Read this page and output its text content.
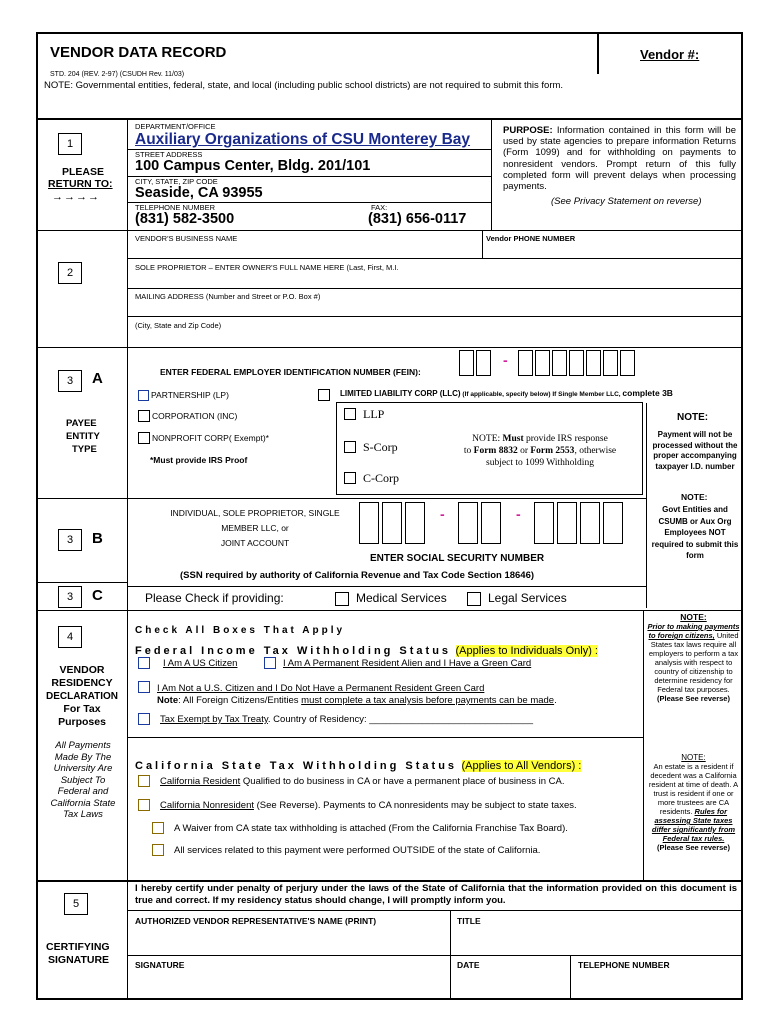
VENDOR DATA RECORD	Vendor #:
STD. 204 (REV. 2-97) (CSUDH Rev. 11/03)
NOTE: Governmental entities, federal, state, and local (including public school districts) are not required to submit this form.
1
PLEASE
RETURN TO:
→→→→
DEPARTMENT/OFFICE
Auxiliary Organizations of CSU Monterey Bay
STREET ADDRESS
100 Campus Center, Bldg. 201/101
CITY, STATE, ZIP CODE
Seaside, CA 93955
TELEPHONE NUMBER
(831) 582-3500
FAX:
(831) 656-0117
PURPOSE: Information contained in this form will be used by state agencies to prepare information Returns (Form 1099) and for withholding on payments to nonresident vendors. Prompt return of this fully completed form will prevent delays when processing payments.
(See Privacy Statement on reverse)
VENDOR'S BUSINESS NAME	Vendor PHONE NUMBER
2	SOLE PROPRIETOR – ENTER OWNER'S FULL NAME HERE (Last, First, M.I.
MAILING ADDRESS (Number and Street or P.O. Box #)
(City, State and Zip Code)
3	A
PAYEE
ENTITY
TYPE
ENTER FEDERAL EMPLOYER IDENTIFICATION NUMBER (FEIN):
-
PARTNERSHIP (LP)	LIMITED LIABILITY CORP (LLC) (If applicable, specify below) If Single Member LLC, complete 3B
CORPORATION (INC)
NONPROFIT CORP( Exempt)*
*Must provide IRS Proof
LLP
S-Corp
C-Corp
NOTE: Must provide IRS response
to Form 8832 or Form 2553, otherwise
subject to 1099 Withholding
NOTE:
Payment will not be processed without the proper accompanying taxpayer I.D. number
NOTE:
Govt Entities and CSUMB or Aux Org Employees NOT required to submit this form
3	B
INDIVIDUAL, SOLE PROPRIETOR, SINGLE
MEMBER LLC, or
JOINT ACCOUNT
-	-
ENTER SOCIAL SECURITY NUMBER
(SSN required by authority of California Revenue and Tax Code Section 18646)
3	C	Please Check if providing:	Medical Services	Legal Services
4
VENDOR
RESIDENCY
DECLARATION
For Tax
Purposes
All Payments Made By The University Are Subject To Federal and California State Tax Laws
Check All Boxes That Apply
Federal Income Tax Withholding Status (Applies to Individuals Only) :
I Am A US Citizen	I Am A Permanent Resident Alien and I Have a Green Card
I Am Not a U.S. Citizen and I Do Not Have a Permanent Resident Green Card
Note: All Foreign Citizens/Entities must complete a tax analysis before payments can be made.
Tax Exempt by Tax Treaty. Country of Residency: _______________________________
California State Tax Withholding Status (Applies to All Vendors) :
California Resident Qualified to do business in CA or have a permanent place of business in CA.
California Nonresident (See Reverse). Payments to CA nonresidents may be subject to state taxes.
A Waiver from CA state tax withholding is attached (From the California Franchise Tax Board).
All services related to this payment were performed OUTSIDE of the state of California.
NOTE:
Prior to making payments to foreign citizens, United States tax laws require all employers to perform a tax analysis with respect to country of citizenship to determine residency for Federal tax purposes.
(Please See reverse)
NOTE:
An estate is a resident if decedent was a California resident at time of death. A trust is resident if one or more trustees are CA residents. Rules for assessing State taxes differ significantly from Federal tax rules.
(Please See reverse)
5
CERTIFYING
SIGNATURE
I hereby certify under penalty of perjury under the laws of the State of California that the information provided on this document is true and correct. If my residency status should change, I will promptly inform you.
AUTHORIZED VENDOR REPRESENTATIVE'S NAME (PRINT)	TITLE
SIGNATURE	DATE	TELEPHONE NUMBER
